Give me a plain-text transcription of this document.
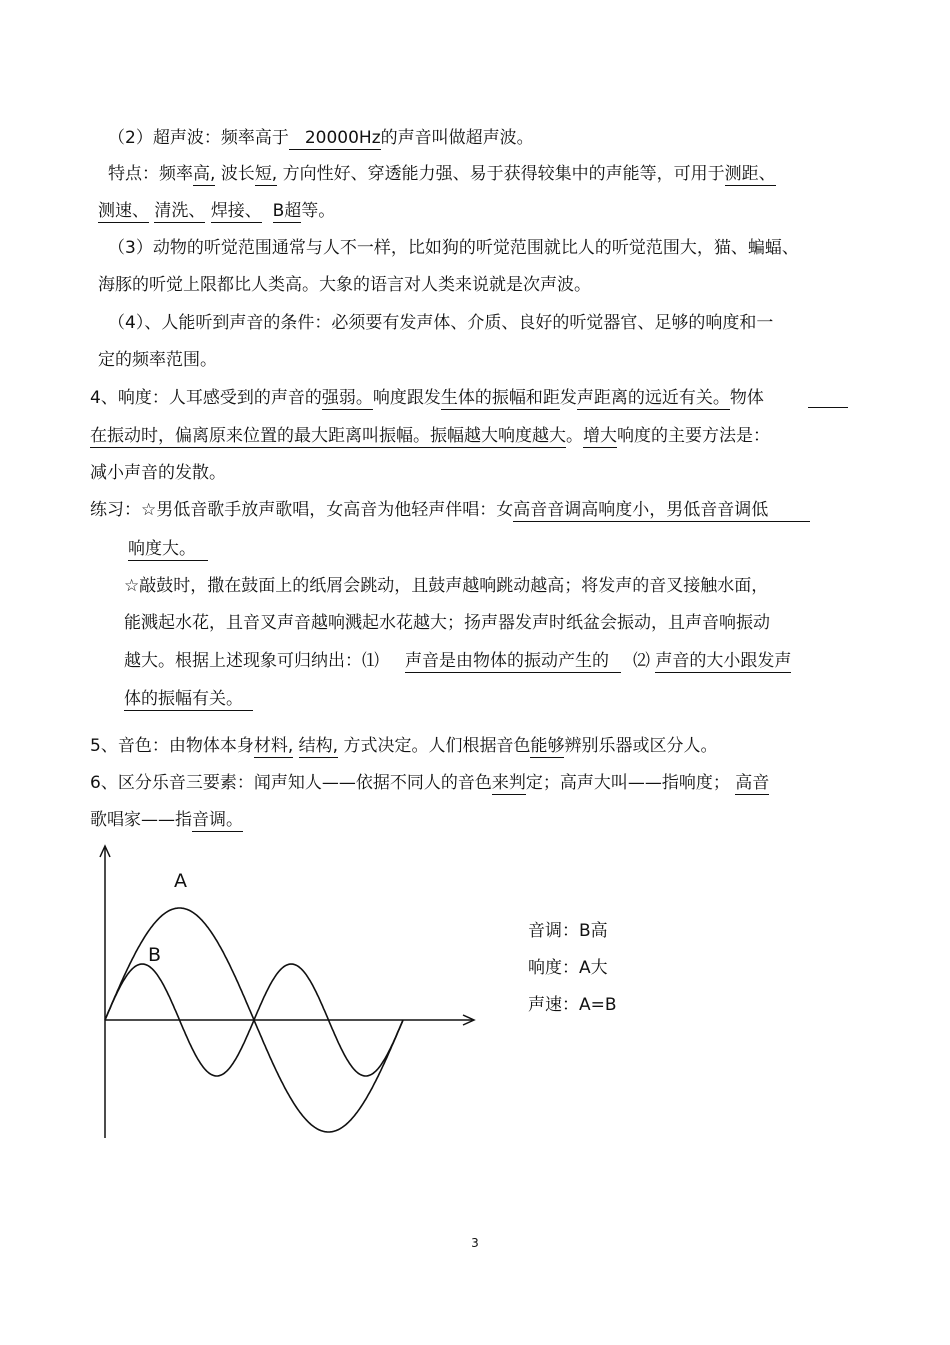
（2）超声波：频率高于 20000Hz的声音叫做超声波。
特点：频率高, 波长短, 方向性好、穿透能力强、易于获得较集中的声能等，可用于测距、
测速、 清洗、 焊接、 B超等。
（3）动物的听觉范围通常与人不一样，比如狗的听觉范围就比人的听觉范围大，猫、蝙蝠、
海豚的听觉上限都比人类高。大象的语言对人类来说就是次声波。
（4）、人能听到声音的条件：必须要有发声体、介质、良好的听觉器官、足够的响度和一
定的频率范围。
4、响度：人耳感受到的声音的强弱。响度跟发生体的振幅和距发声距离的远近有关。物体
在振动时，偏离原来位置的最大距离叫振幅。振幅越大响度越大。增大响度的主要方法是：
减小声音的发散。
练习：☆男低音歌手放声歌唱，女高音为他轻声伴唱：女高音音调高响度小，男低音音调低
响度大。
☆敲鼓时，撒在鼓面上的纸屑会跳动，且鼓声越响跳动越高；将发声的音叉接触水面，
能溅起水花，且音叉声音越响溅起水花越大；扬声器发声时纸盆会振动，且声音响振动
越大。根据上述现象可归纳出：⑴ 声音是由物体的振动产生的 ⑵ 声音的大小跟发声
体的振幅有关。
5、音色：由物体本身材料, 结构, 方式决定。人们根据音色能够辨别乐器或区分人。
6、区分乐音三要素：闻声知人——依据不同人的音色来判定；高声大叫——指响度； 高音
歌唱家——指音调。
A
B
音调：B高
响度：A大
声速：A=B
3
